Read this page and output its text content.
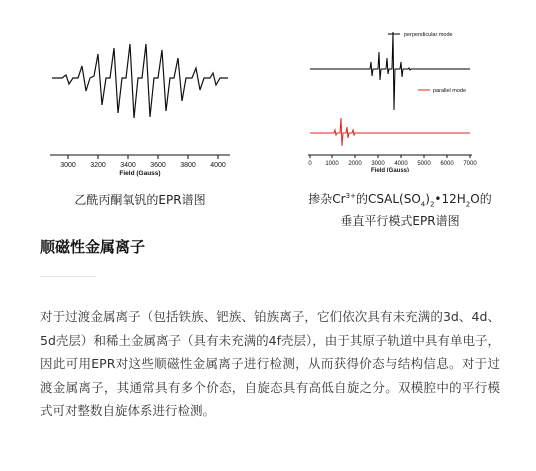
3000 3200 3400 3600 3800 4000
Field (Gauss)
perpendicular mode
parallel mode
0 1000 2000 3000 4000 5000 6000 7000
Field (Gauss)
乙酰丙酮氧钒的EPR谱图	掺杂$Cr^{3+}$的$CSAL(SO_4)_2•12H_2O$的
垂直平行模式EPR谱图
顺磁性金属离子

对于过渡金属离子（包括铁族、钯族、铂族离子，它们依次具有未充满的3d、4d、5d壳层）和稀土金属离子（具有未充满的4f壳层），由于其原子轨道中具有单电子，因此可用EPR对这些顺磁性金属离子进行检测，从而获得价态与结构信息。对于过渡金属离子，其通常具有多个价态，自旋态具有高低自旋之分。双模腔中的平行模式可对整数自旋体系进行检测。
